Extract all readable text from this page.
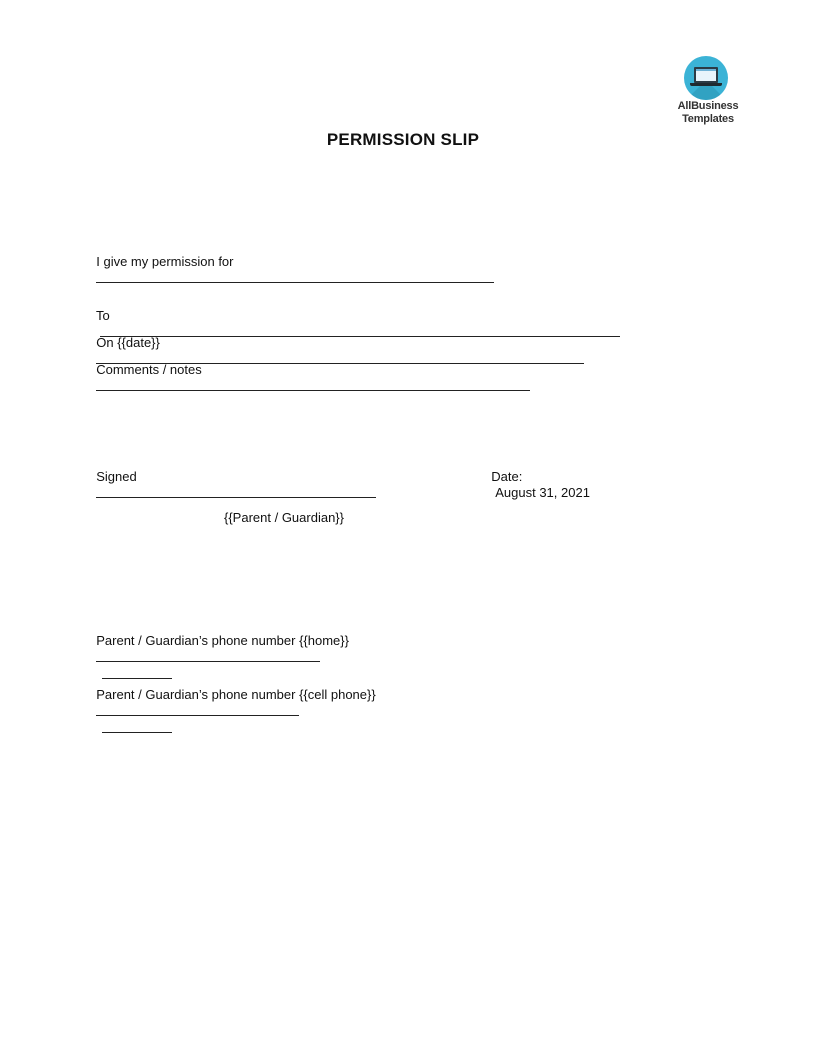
AllBusiness
Templates
PERMISSION SLIP

I give my permission for

To

On {{date}}

Comments / notes

Signed
	Date:
August 31, 2021

{{Parent / Guardian}}

Parent / Guardian’s phone number {{home}}

Parent / Guardian’s phone number {{cell phone}}
